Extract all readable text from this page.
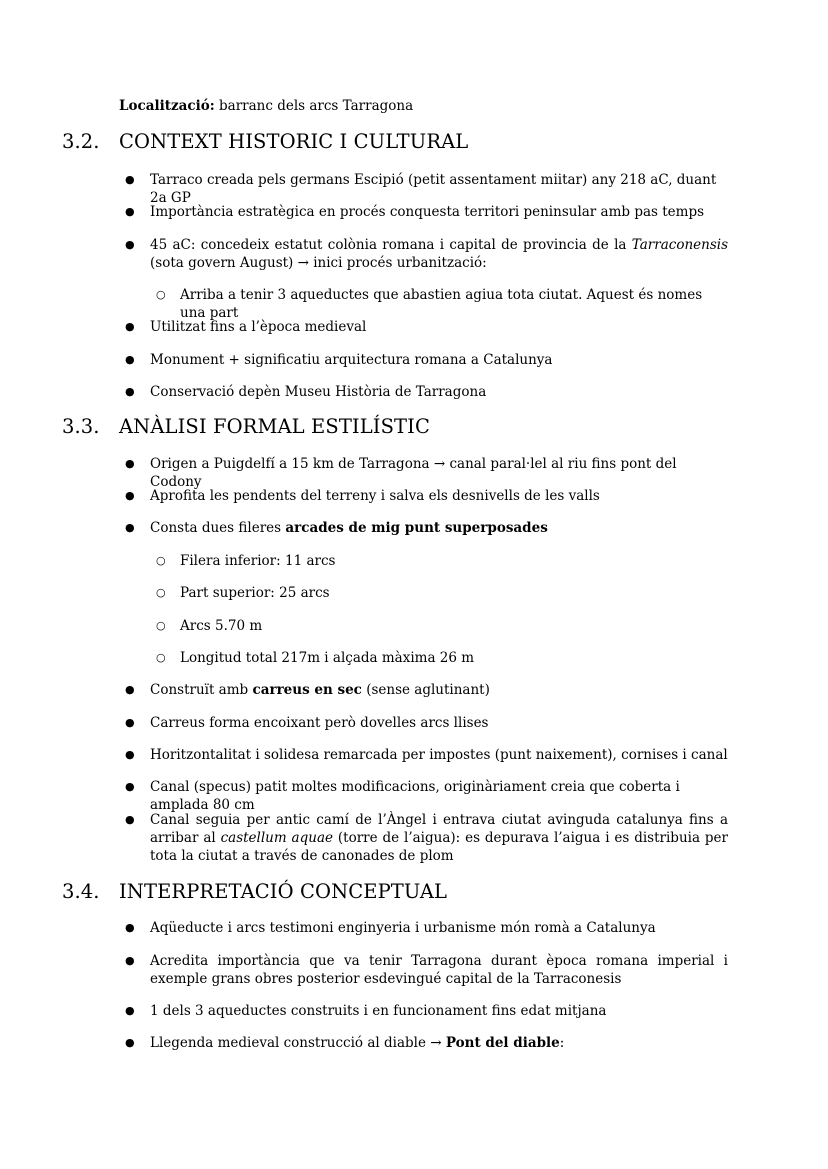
Localització: barranc dels arcs Tarragona
3.2. CONTEXT HISTORIC I CULTURAL
● Tarraco creada pels germans Escipió (petit assentament miitar) any 218 aC, duant 2a GP
● Importància estratègica en procés conquesta territori peninsular amb pas temps
● 45 aC: concedeix estatut colònia romana i capital de provincia de la Tarraconensis (sota govern August) → inici procés urbanització:
○ Arriba a tenir 3 aqueductes que abastien agiua tota ciutat. Aquest és nomes una part
● Utilitzat fins a l’època medieval
● Monument + significatiu arquitectura romana a Catalunya
● Conservació depèn Museu Història de Tarragona
3.3. ANÀLISI FORMAL ESTILÍSTIC
● Origen a Puigdelfí a 15 km de Tarragona → canal paral·lel al riu fins pont del Codony
● Aprofita les pendents del terreny i salva els desnivells de les valls
● Consta dues fileres arcades de mig punt superposades
○ Filera inferior: 11 arcs
○ Part superior: 25 arcs
○ Arcs 5.70 m
○ Longitud total 217m i alçada màxima 26 m
● Construït amb carreus en sec (sense aglutinant)
● Carreus forma encoixant però dovelles arcs llises
● Horitzontalitat i solidesa remarcada per impostes (punt naixement), cornises i canal
● Canal (specus) patit moltes modificacions, originàriament creia que coberta i amplada 80 cm
● Canal seguia per antic camí de l’Àngel i entrava ciutat avinguda catalunya fins a arribar al castellum aquae (torre de l’aigua): es depurava l’aigua i es distribuia per tota la ciutat a través de canonades de plom
3.4. INTERPRETACIÓ CONCEPTUAL
● Aqüeducte i arcs testimoni enginyeria i urbanisme món romà a Catalunya
● Acredita importància que va tenir Tarragona durant època romana imperial i exemple grans obres posterior esdevingué capital de la Tarraconesis
● 1 dels 3 aqueductes construits i en funcionament fins edat mitjana
● Llegenda medieval construcció al diable → Pont del diable:
